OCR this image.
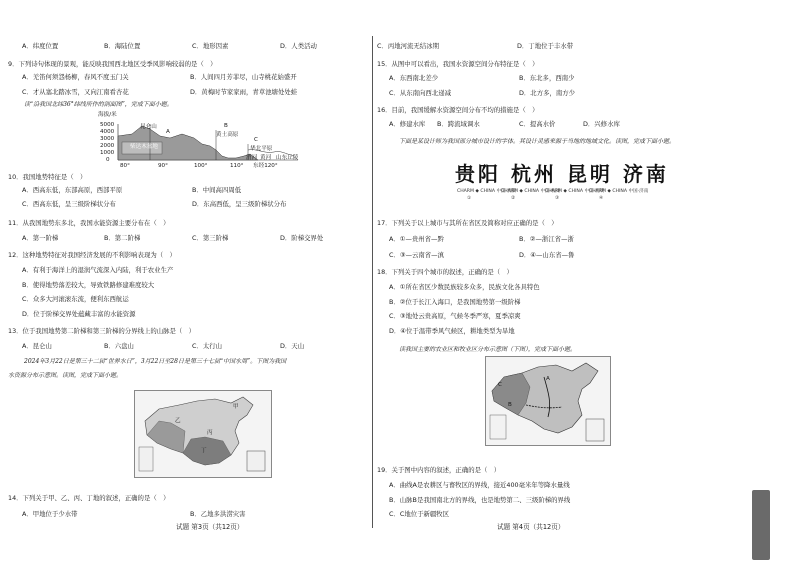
A．纬度位置	B．海陆位置	C．地形因素	D．人类活动
9．下列诗句体现的景观，能反映我国西北地区受季风影响较弱的是（　）
A．羌笛何须怨杨柳，春风不度玉门关	B．人间四月芳菲尽，山寺桃花始盛开
C．才从塞北踏冰雪，又向江南看杏花	D．黄梅时节家家雨，青草池塘处处蛙
读“沿我国北纬36°纬线所作的剖面图”，完成下面小题。
海拔/米
5000
4000
3000
2000
1000
0
昆仑山
A
B
黄土高原
C
华北平原
柴达木盆地
渭河 黄河 山东丘陵
东经120°
80°	90°	100°	110°
10．我国地势特征是（　）
A．西高东低，东部高原，西部平原	B．中间高四周低
C．西高东低，呈三级阶梯状分布	D．东高西低，呈三级阶梯状分布
11．从我国地势东多北，我国水能资源主要分布在（　）
A．第一阶梯	B．第二阶梯	C．第三阶梯	D．阶梯交界处
12．这种地势特征对我国经济发展的不利影响表现为（　）
A．有利于海洋上的湿润气流深入内陆，利于农业生产
B．使得地势落差较大，导致铁路修建难度较大
C．众多大河滚滚东流，便利东西航运
D．位于阶梯交界处蕴藏丰富的水能资源
13．位于我国地势第二阶梯和第三阶梯的分界线上的山脉是（　）
A．昆仑山	B．六盘山	C．太行山	D．天山
2024年3月22日是第三十二届“世界水日”，3月22日至28日是第三十七届“中国水周”。下图为我国
水资源分布示意图。读图，完成下面小题。
甲
乙
丙
丁
14．下列关于甲、乙、丙、丁地的叙述，正确的是（　）
A．甲地位于少水带	B．乙地多洪涝灾害
试题 第3页（共12页）
C．丙地河流无结冰期	D．丁地位于丰水带
15．从图中可以看出，我国水资源空间分布特征是（　）
A．东西南北差少	B．东北多，西南少
C．从东南向西北递减	D．北方多，南方少
16．目前，我国缓解水资源空间分布不均的措施是（　）
A．修建水库 B．跨流域调水	C．提高水价	D．兴修水库
下面是某设计师为我国部分城市设计的字体。其设计灵感来源于当地的地域文化。读图，完成下面小题。
贵阳 杭州 昆明 济南
CHARM ◆ CHINA 中国·贵阳
CHARM ◆ CHINA 中国·杭州
CHARM ◆ CHINA 中国·昆明
CHARM ◆ CHINA 中国·济南
①	②	③	④
17．下列关于以上城市与其所在省区及简称对应正确的是（　）
A．①—贵州省—黔	B．②—浙江省—浙
C．③—云南省—滇	D．④—山东省—鲁
18．下列关于四个城市的叙述，正确的是（　）
A．①所在省区少数民族较多众多，民族文化各具特色
B．②位于长江入海口，是我国地势第一级阶梯
C．③地处云贵高原，气候冬季严寒，夏季凉爽
D．④位于温带季风气候区，耕地类型为旱地
读我国主要的农业区和牧业区分布示意图（下图），完成下面小题。
A
B
C
19．关于图中内容的叙述，正确的是（　）
A．曲线A是农耕区与畜牧区的界线，接近400毫米年等降水量线
B．山脉B是我国南北方的界线，也是地势第二、三级阶梯的界线
C．C地位于新疆牧区
试题 第4页（共12页）
